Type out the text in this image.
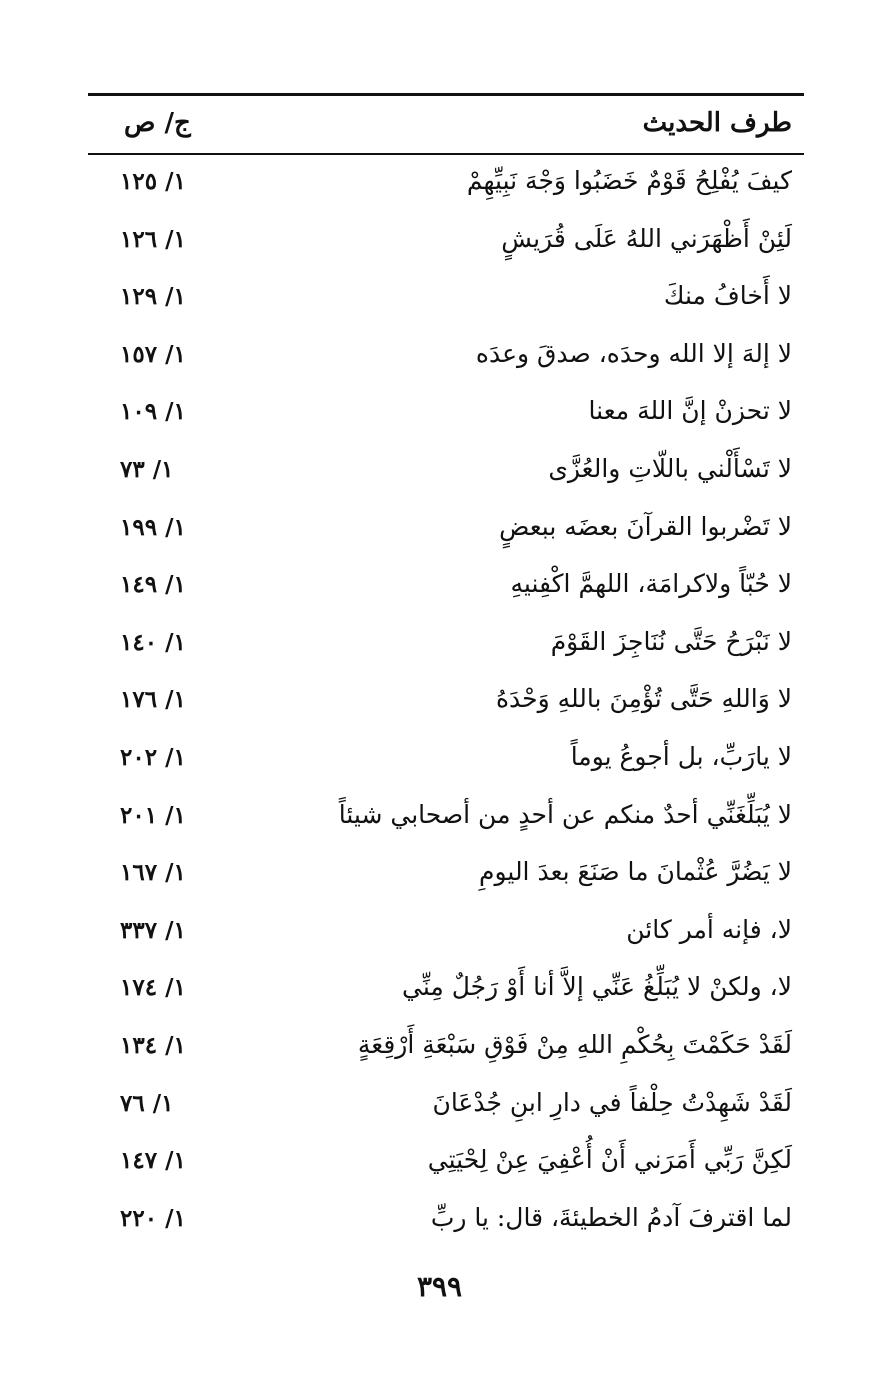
طرف الحديث
ج/ ص
كيفَ يُفْلِحُ قَوْمٌ خَضَبُوا وَجْهَ نَبِيِّهِمْ
١/ ١٢٥
لَئِنْ أَظْهَرَني اللهُ عَلَى قُرَيشٍ
١/ ١٢٦
لا أَخافُ منكَ
١/ ١٢٩
لا إلهَ إلا الله وحدَه، صدقَ وعدَه
١/ ١٥٧
لا تحزنْ إنَّ اللهَ معنا
١/ ١٠٩
لا تَسْأَلْني باللّاتِ والعُزَّى
١/ ٧٣
لا تَضْربوا القرآنَ بعضَه ببعضٍ
١/ ١٩٩
لا حُبّاً ولاكرامَة، اللهمَّ اكْفِنيهِ
١/ ١٤٩
لا نَبْرَحُ حَتَّى نُنَاجِزَ القَوْمَ
١/ ١٤٠
لا وَاللهِ حَتَّى تُؤْمِنَ باللهِ وَحْدَهُ
١/ ١٧٦
لا يارَبِّ، بل أجوعُ يوماً
١/ ٢٠٢
لا يُبَلِّغَنِّي أحدٌ منكم عن أحدٍ من أصحابي شيئاً
١/ ٢٠١
لا يَضُرَّ عُثْمانَ ما صَنَعَ بعدَ اليومِ
١/ ١٦٧
لا، فإنه أمر كائن
١/ ٣٣٧
لا، ولكنْ لا يُبَلِّغُ عَنِّي إلاَّ أنا أَوْ رَجُلٌ مِنِّي
١/ ١٧٤
لَقَدْ حَكَمْتَ بِحُكْمِ اللهِ مِنْ فَوْقِ سَبْعَةِ أَرْقِعَةٍ
١/ ١٣٤
لَقَدْ شَهِدْتُ حِلْفاً في دارِ ابنِ جُدْعَانَ
١/ ٧٦
لَكِنَّ رَبِّي أَمَرَني أَنْ أُعْفِيَ عِنْ لِحْيَتِي
١/ ١٤٧
لما اقترفَ آدمُ الخطيئةَ، قال: يا ربِّ
١/ ٢٢٠
٣٩٩
